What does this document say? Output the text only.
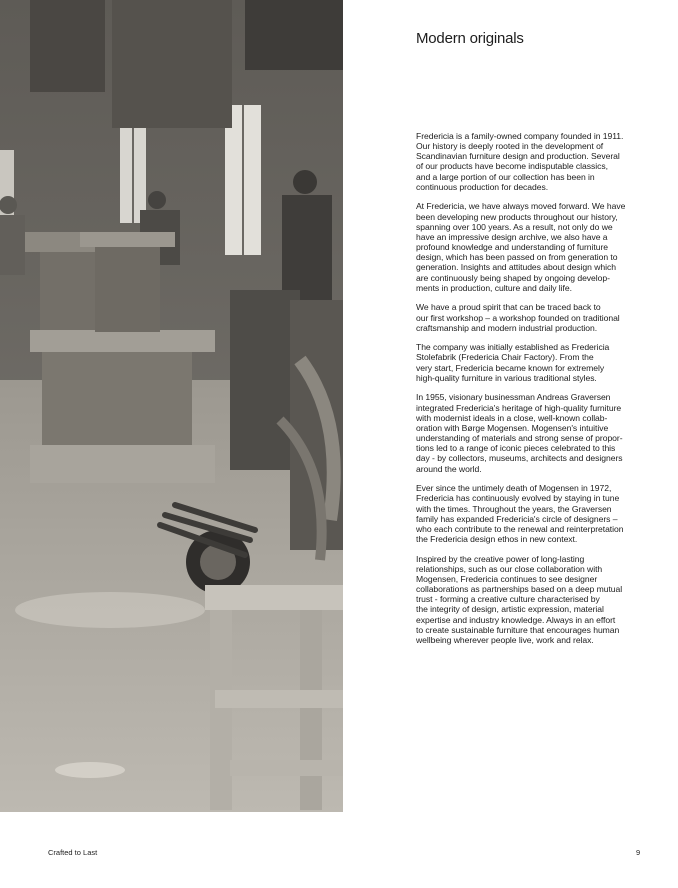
Modern originals

Fredericia is a family-owned company founded in 1911.
Our history is deeply rooted in the development of
Scandinavian furniture design and production. Several
of our products have become indisputable classics,
and a large portion of our collection has been in
continuous production for decades.

At Fredericia, we have always moved forward. We have
been developing new products throughout our history,
spanning over 100 years. As a result, not only do we
have an impressive design archive, we also have a
profound knowledge and understanding of furniture
design, which has been passed on from generation to
generation. Insights and attitudes about design which
are continuously being shaped by ongoing develop-
ments in production, culture and daily life.

We have a proud spirit that can be traced back to
our first workshop – a workshop founded on traditional
craftsmanship and modern industrial production.

The company was initially established as Fredericia
Stolefabrik (Fredericia Chair Factory). From the
very start, Fredericia became known for extremely
high-quality furniture in various traditional styles.

In 1955, visionary businessman Andreas Graversen
integrated Fredericia's heritage of high-quality furniture
with modernist ideals in a close, well-known collab-
oration with Børge Mogensen. Mogensen's intuitive
understanding of materials and strong sense of propor-
tions led to a range of iconic pieces celebrated to this
day - by collectors, museums, architects and designers
around the world.

Ever since the untimely death of Mogensen in 1972,
Fredericia has continuously evolved by staying in tune
with the times. Throughout the years, the Graversen
family has expanded Fredericia's circle of designers –
who each contribute to the renewal and reinterpretation
the Fredericia design ethos in new context.

Inspired by the creative power of long-lasting
relationships, such as our close collaboration with
Mogensen, Fredericia continues to see designer
collaborations as partnerships based on a deep mutual
trust - forming a creative culture characterised by
the integrity of design, artistic expression, material
expertise and industry knowledge. Always in an effort
to create sustainable furniture that encourages human
wellbeing wherever people live, work and relax.

Crafted to Last	9
